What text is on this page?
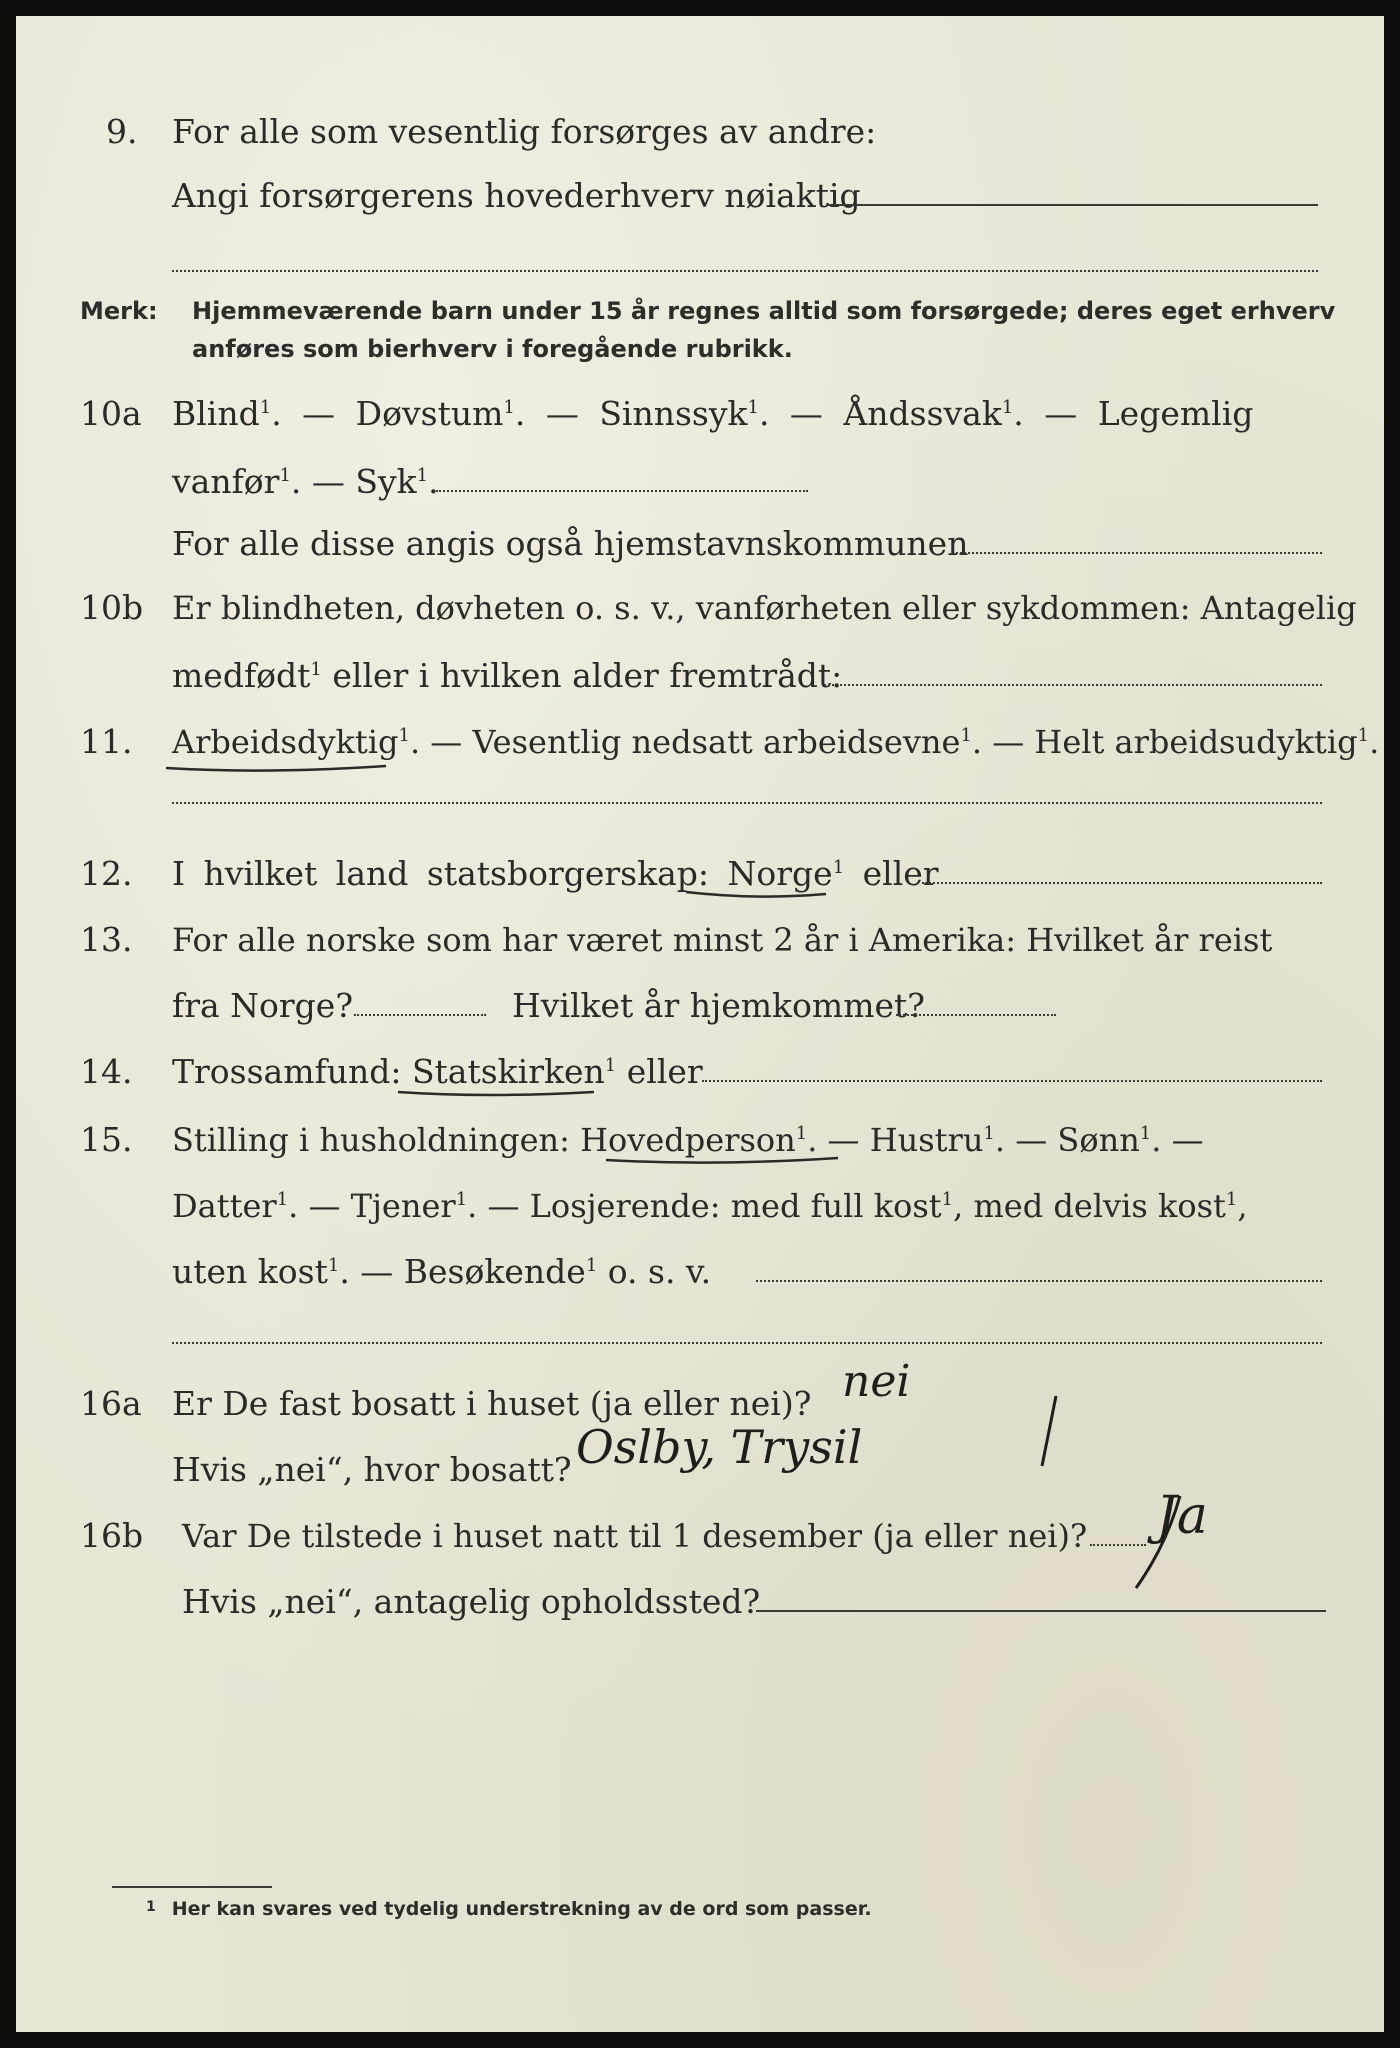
9. For alle som vesentlig forsørges av andre:
Angi forsørgerens hovederhverv nøiaktig
Merk: Hjemmeværende barn under 15 år regnes alltid som forsørgede; deres eget erhverv
anføres som bierhverv i foregående rubrikk.
10a Blind$^1$. — Døvstum$^1$. — Sinnssyk$^1$. — Åndssvak$^1$. — Legemlig
vanfør$^1$. — Syk$^1$.
For alle disse angis også hjemstavnskommunen
10b Er blindheten, døvheten o. s. v., vanførheten eller sykdommen: Antagelig
medfødt$^1$ eller i hvilken alder fremtrådt:
11. Arbeidsdyktig$^1$. — Vesentlig nedsatt arbeidsevne$^1$. — Helt arbeidsudyktig$^1$.
12. I hvilket land statsborgerskap: Norge$^1$ eller
13. For alle norske som har været minst 2 år i Amerika: Hvilket år reist
fra Norge?	Hvilket år hjemkommet?
14. Trossamfund: Statskirken$^1$ eller
15. Stilling i husholdningen: Hovedperson$^1$. — Hustru$^1$. — Sønn$^1$. —
Datter$^1$. — Tjener$^1$. — Losjerende: med full kost$^1$, med delvis kost$^1$,
uten kost$^1$. — Besøkende$^1$ o. s. v.
16a Er De fast bosatt i huset (ja eller nei)? nei
Hvis „nei“, hvor bosatt? Oslby, Trysil
16b Var De tilstede i huset natt til 1 desember (ja eller nei)? Ja
Hvis „nei“, antagelig opholdssted?
$^1$ Her kan svares ved tydelig understrekning av de ord som passer.
